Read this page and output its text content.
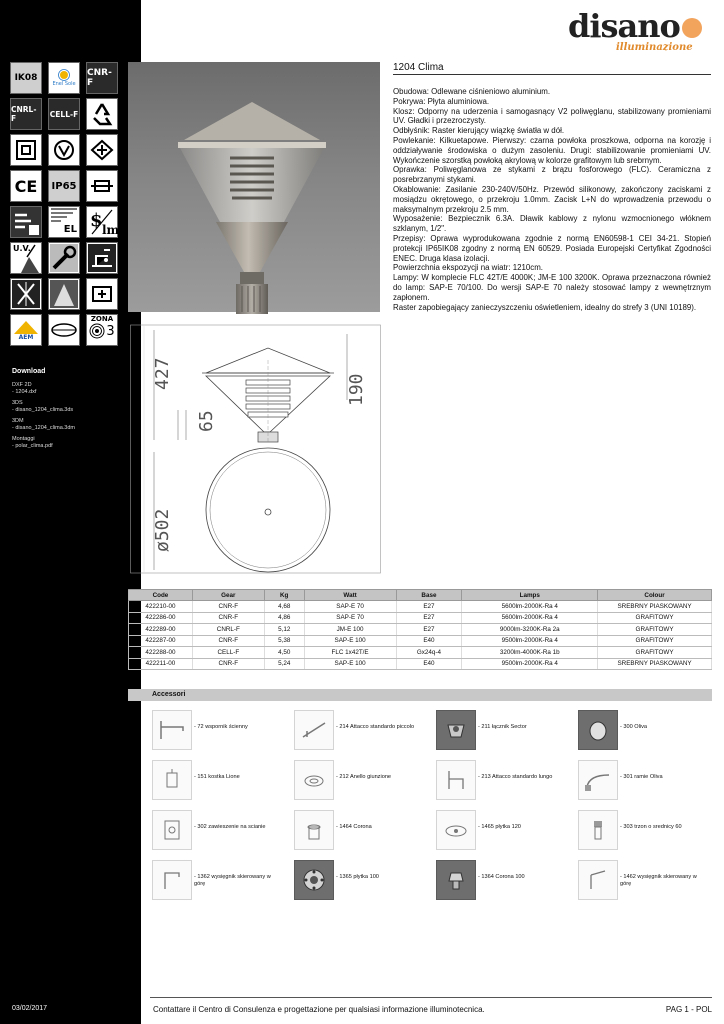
IK08
Enel Sole
CNR-F
CNRL-F	CELL-F
CE IP65
EL $ lm
U.V.
AEM
ZONA
3
Download
DXF 2D
- 1204.dxf
3DS
- disano_1204_clima.3ds
3DM
- disano_1204_clima.3dm
Montaggi
- polar_clima.pdf
03/02/2017
disano
illuminazione
427	190
65
ø502
1204 Clima

Obudowa: Odlewane ciśnieniowo aluminium.

Pokrywa: Płyta aluminiowa.

Klosz: Odporny na uderzenia i samogasnący V2 poliwęglanu, stabilizowany promieniami UV. Gładki i przezroczysty.

Odbłyśnik: Raster kierujący wiązkę światła w dół.

Powlekanie: Kilkuetapowe. Pierwszy: czarna powłoka proszkowa, odporna na korozję i oddziaływanie środowiska o dużym zasoleniu. Drugi: stabilizowanie promieniami UV. Wykończenie szorstką powłoką akrylową w kolorze grafitowym lub srebrnym.

Oprawka: Poliwęglanowa ze stykami z brązu fosforowego (FLC). Ceramiczna z posrebrzanymi stykami.

Okablowanie: Zasilanie 230-240V/50Hz. Przewód silikonowy, zakończony zaciskami z mosiądzu okrętowego, o przekroju 1.0mm. Zacisk L+N do wprowadzenia przewodu o maksymalnym przekroju 2.5 mm.

Wyposażenie: Bezpiecznik 6.3A. Dławik kablowy z nylonu wzmocnionego włóknem szklanym, 1/2".

Przepisy: Oprawa wyprodukowana zgodnie z normą EN60598-1 CEI 34-21. Stopień protekcji IP65IK08 zgodny z normą EN 60529. Posiada Europejski Certyfikat Zgodności ENEC. Druga klasa izolacji.

Powierzchnia ekspozycji na wiatr: 1210cm.

Lampy: W komplecie FLC 42T/E 4000K; JM-E 100 3200K. Oprawa przeznaczona również do lamp: SAP-E 70/100. Do wersji SAP-E 70 należy stosować lampy z wewnętrznym zapłonem.

Raster zapobiegający zanieczyszczeniu oświetleniem, idealny do strefy 3 (UNI 10189).

Code	Gear	Kg	Watt	Base	Lamps	Colour
422210-00	CNR-F	4,68	SAP-E 70	E27	5600lm-2000K-Ra 4	SREBRNY PIASKOWANY
422286-00	CNR-F	4,86	SAP-E 70	E27	5600lm-2000K-Ra 4	GRAFITOWY
422289-00	CNRL-F	5,12	JM-E 100	E27	9000lm-3200K-Ra 2a	GRAFITOWY
422287-00	CNR-F	5,38	SAP-E 100	E40	9500lm-2000K-Ra 4	GRAFITOWY
422288-00	CELL-F	4,50	FLC 1x42T/E	Gx24q-4	3200lm-4000K-Ra 1b	GRAFITOWY
422211-00	CNR-F	5,24	SAP-E 100	E40	9500lm-2000K-Ra 4	SREBRNY PIASKOWANY
Accessori
- 72 wspornik ścienny	- 214 Attacco standardo piccolo	- 211 łącznik Sector	- 300 Oliva
- 151 kostka Lione	- 212 Anello giunzione	- 213 Attacco standardo lungo	- 301 ramie Oliva
- 302 zawieszenie na scianie	- 1464 Corona	- 1465 płytka 120	- 303 trzon o srednicy 60
- 1362 wysięgnik skierowany w górę
- 1365 płytka 100	- 1364 Corona 100	- 1462 wysięgnik skierowany w górę
Contattare il Centro di Consulenza e progettazione per qualsiasi informazione illuminotecnica.	PAG 1 - POL
